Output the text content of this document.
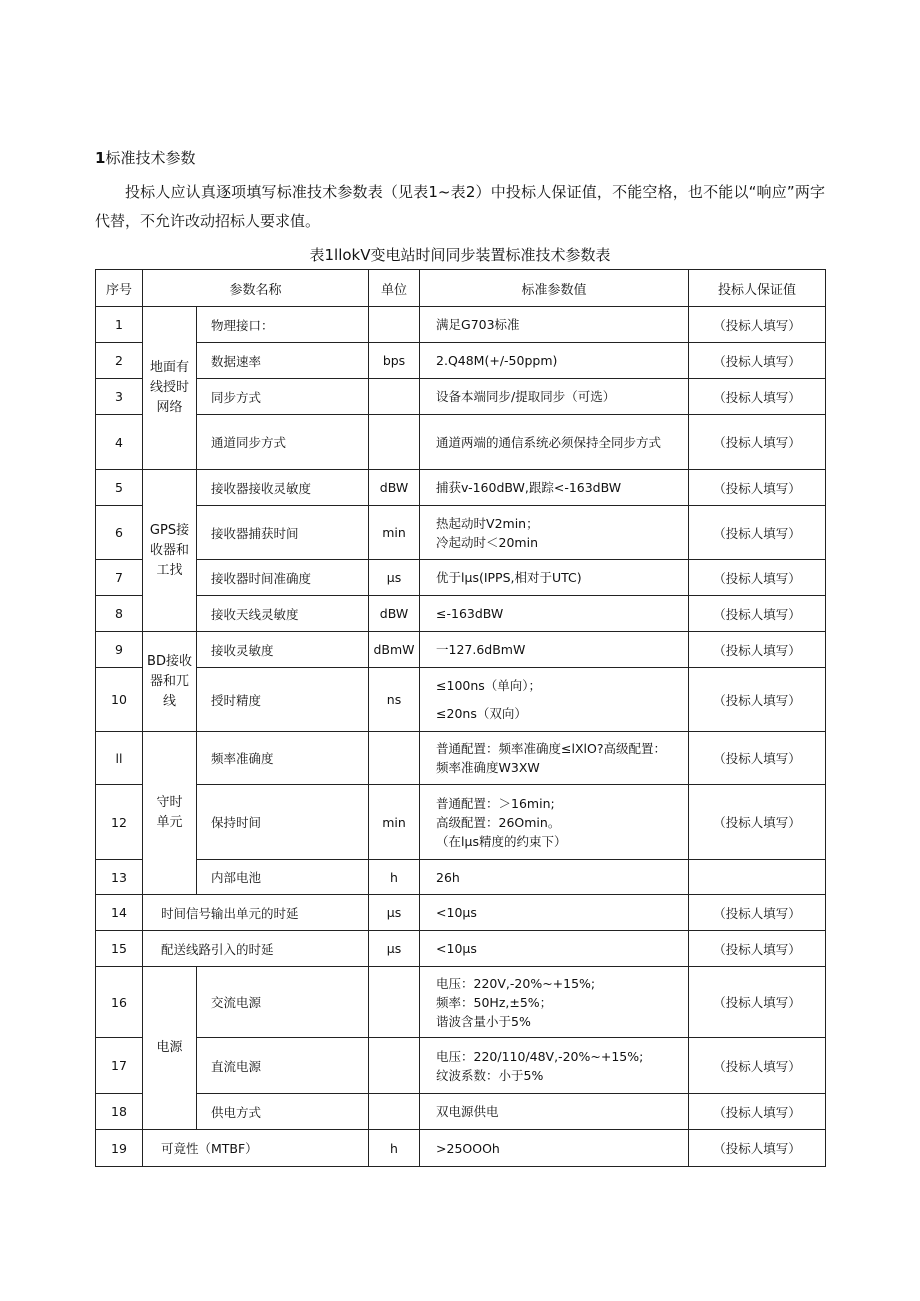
1标准技术参数
投标人应认真逐项填写标准技术参数表（见表1~表2）中投标人保证值，不能空格，也不能以“响应”两字代替，不允许改动招标人要求值。
表1llokV变电站时间同步装置标准技术参数表
序号	参数名称		单位	标准参数值	投标人保证值
1	地面有
线授时
网络	物理接口：		满足G703标准	（投标人填写）
2		数据速率	bps	2.Q48M(+/-50ppm)	（投标人填写）
3		同步方式		设备本端同步/提取同步（可选）	（投标人填写）
4		通道同步方式		通道两端的通信系统必须保持全同步方式	（投标人填写）
5	GPS接
收器和
工找	接收器接收灵敏度	dBW	捕获v-160dBW,跟踪<-163dBW	（投标人填写）
6		接收器捕获时间	min	热起动时V2min；
冷起动时＜20min	（投标人填写）
7		接收器时间准确度	μs	优于lμs(IPPS,相对于UTC)	（投标人填写）
8		接收天线灵敏度	dBW	≤-163dBW	（投标人填写）
9	BD接收
器和兀
线	接收灵敏度	dBmW	一127.6dBmW	（投标人填写）
10		授时精度	ns	≤100ns（单向）；

≤20ns（双向）	（投标人填写）
ll	守时
单元	频率准确度		普通配置：频率准确度≤lXlO?高级配置：
频率准确度W3XW	（投标人填写）
12		保持时间	min	普通配置：＞16min;
高级配置：26Omin。
（在lμs精度的约束下）	（投标人填写）
13		内部电池	h	26h	
14	时间信号输出单元的时延		μs	<10μs	（投标人填写）
15	配送线路引入的时延		μs	<10μs	（投标人填写）
16	电源	交流电源		电压：220V,-20%~+15%;
频率：50Hz,±5%；
谐波含量小于5%	（投标人填写）
17		直流电源		电压：220∕110∕48V,-20%~+15%;
纹波系数：小于5%	（投标人填写）
18		供电方式		双电源供电	（投标人填写）
19	可竟性（MTBF）		h	>25OOOh	（投标人填写）
